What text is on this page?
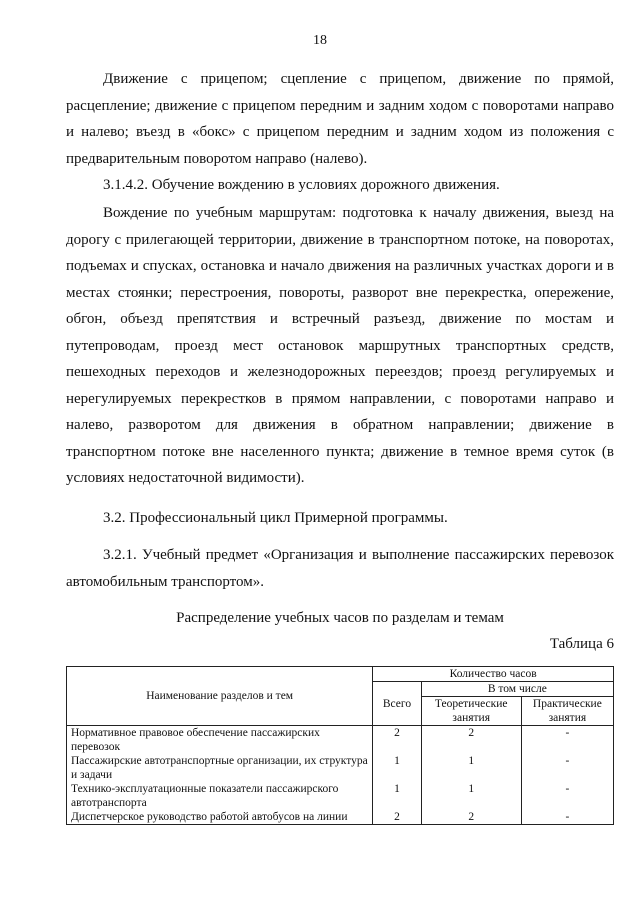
18

Движение с прицепом; сцепление с прицепом, движение по прямой, расцепление; движение с прицепом передним и задним ходом с поворотами направо и налево; въезд в «бокс» с прицепом передним и задним ходом из положения с предварительным поворотом направо (налево).

3.1.4.2. Обучение вождению в условиях дорожного движения.

Вождение по учебным маршрутам: подготовка к началу движения, выезд на дорогу с прилегающей территории, движение в транспортном потоке, на поворотах, подъемах и спусках, остановка и начало движения на различных участках дороги и в местах стоянки; перестроения, повороты, разворот вне перекрестка, опережение, обгон, объезд препятствия и встречный разъезд, движение по мостам и путепроводам, проезд мест остановок маршрутных транспортных средств, пешеходных переходов и железнодорожных переездов; проезд регулируемых и нерегулируемых перекрестков в прямом направлении, с поворотами направо и налево, разворотом для движения в обратном направлении; движение в транспортном потоке вне населенного пункта; движение в темное время суток (в условиях недостаточной видимости).

3.2. Профессиональный цикл Примерной программы.

3.2.1. Учебный предмет «Организация и выполнение пассажирских перевозок автомобильным транспортом».

Распределение учебных часов по разделам и темам
Таблица 6
Наименование разделов и тем	Количество часов		
	Всего	В том числе	
		Теоретические занятия	Практические занятия
Нормативное правовое обеспечение пассажирских перевозок	2	2	-
Пассажирские автотранспортные организации, их структура и задачи	1	1	-
Технико-эксплуатационные показатели пассажирского автотранспорта	1	1	-
Диспетчерское руководство работой автобусов на линии	2	2	-
